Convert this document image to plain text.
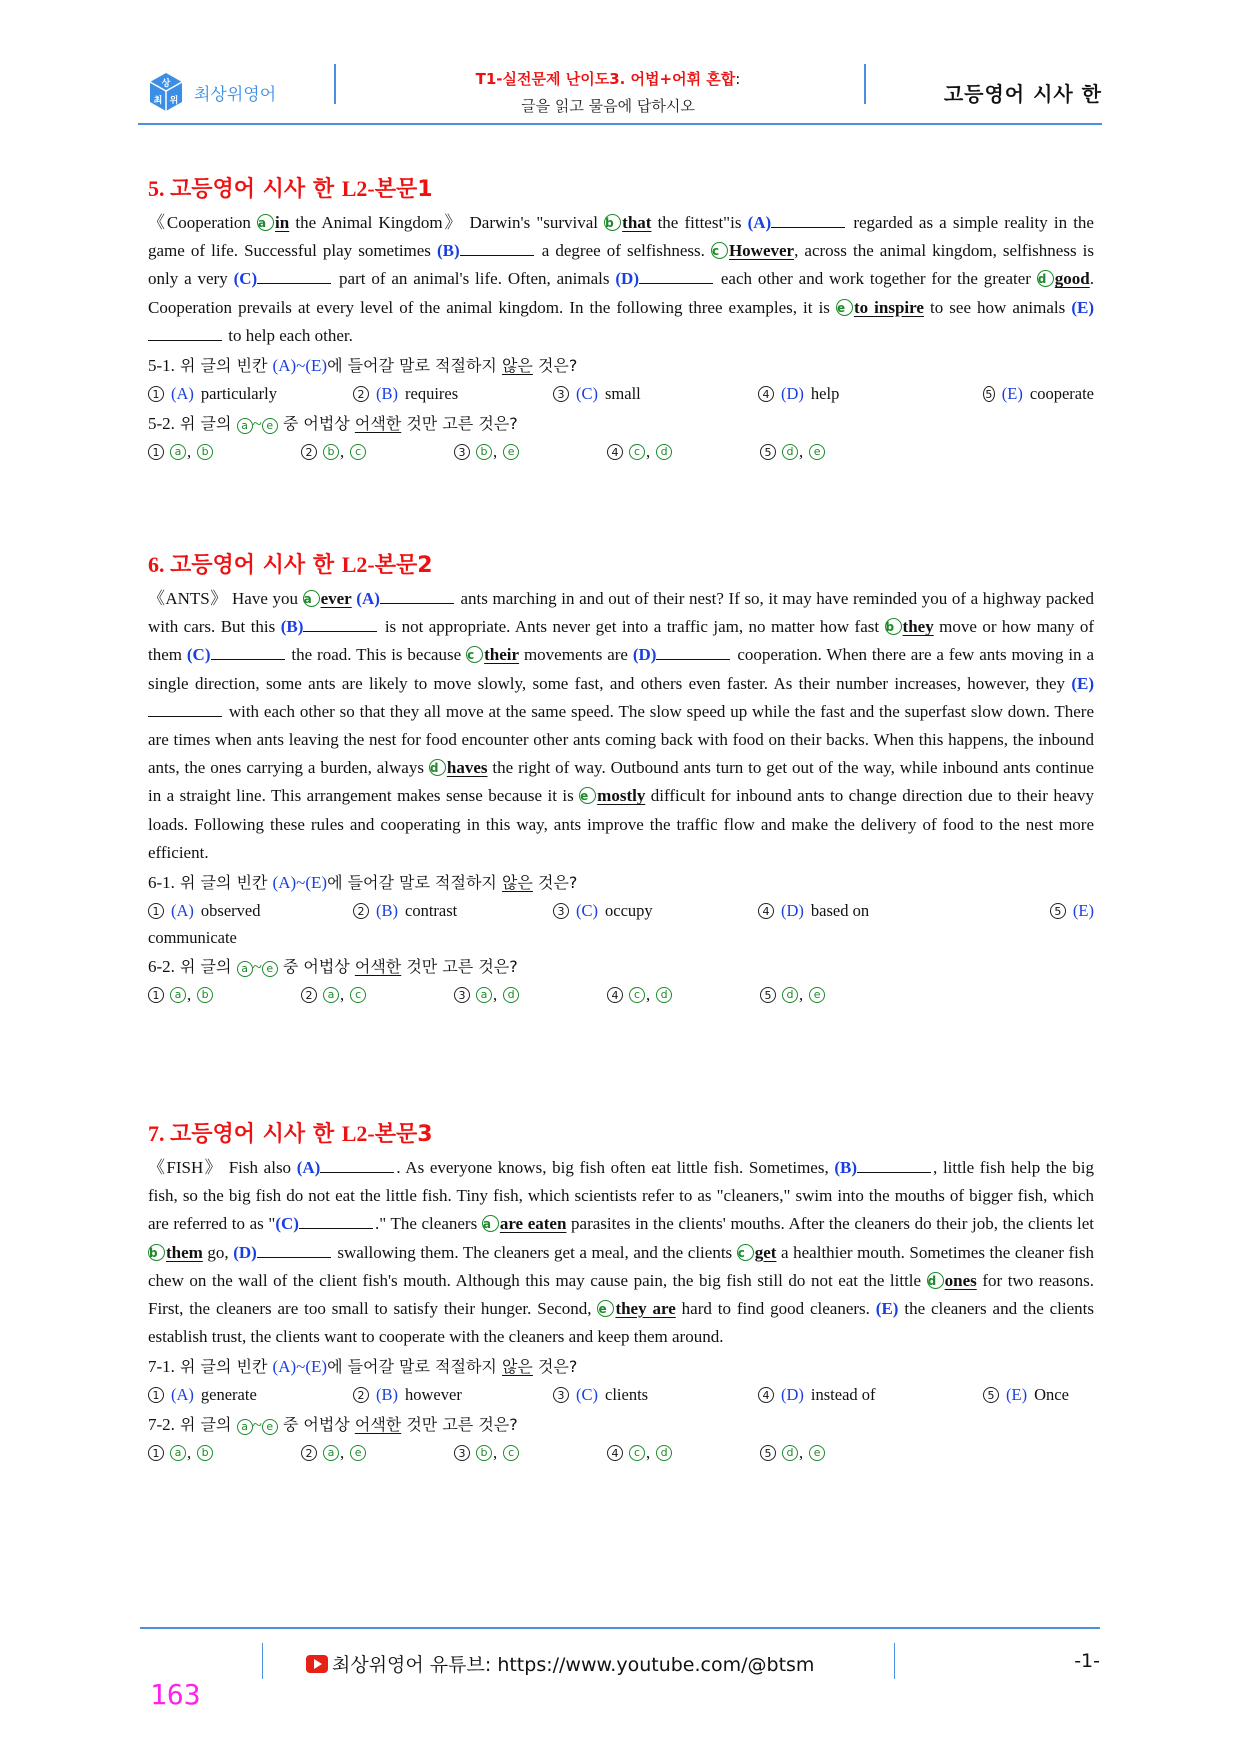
상
최 위 최상위영어
T1-실전문제 난이도3. 어법+어휘 혼합:
글을 읽고 물음에 답하시오	고등영어 시사 한
5. 고등영어 시사 한 L2-본문1

《Cooperation a in the Animal Kingdom》 Darwin's "survival b that the fittest"is (A)	regarded as a simple reality in the game of life. Successful play sometimes (B)	a degree of selfishness. c However, across the animal kingdom, selfishness is only a very (C)	part of an animal's life. Often, animals (D)	each other and work together for the greater d good. Cooperation prevails at every level of the animal kingdom. In the following three examples, it is e to inspire to see how animals (E) to help each other.

5-1. 위 글의 빈칸 (A)~(E)에 들어갈 말로 적절하지 않은 것은?
1 (A) particularly	2 (B) requires	3 (C) small	4 (D) help	5 (E) cooperate
5-2. 위 글의 a ~ e 중 어법상 어색한 것만 고른 것은?
1	a , b	2	b , c	3	b , e	4	c , d	5	d , e
6. 고등영어 시사 한 L2-본문2

《ANTS》 Have you a ever (A)	ants marching in and out of their nest? If so, it may have reminded you of a highway packed with cars. But this (B)	is not appropriate. Ants never get into a traffic jam, no matter how fast b they move or how many of them (C)	the road. This is because c their movements are (D)	cooperation. When there are a few ants moving in a single direction, some ants are likely to move slowly, some fast, and others even faster. As their number increases, however, they (E) with each other so that they all move at the same speed. The slow speed up while the fast and the superfast slow down. There are times when ants leaving the nest for food encounter other ants coming back with food on their backs. When this happens, the inbound ants, the ones carrying a burden, always d haves the right of way. Outbound ants turn to get out of the way, while inbound ants continue in a straight line. This arrangement makes sense because it is e mostly difficult for inbound ants to change direction due to their heavy loads. Following these rules and cooperating in this way, ants improve the traffic flow and make the delivery of food to the nest more efficient.

6-1. 위 글의 빈칸 (A)~(E)에 들어갈 말로 적절하지 않은 것은?
1 (A) observed	2 (B) contrast	3 (C) occupy	4 (D) based on	5 (E)
communicate
6-2. 위 글의 a ~ e 중 어법상 어색한 것만 고른 것은?
1	a , b	2	a , c	3	a , d	4	c , d	5	d , e
7. 고등영어 시사 한 L2-본문3

《FISH》 Fish also (A)	. As everyone knows, big fish often eat little fish. Sometimes, (B)	, little fish help the big fish, so the big fish do not eat the little fish. Tiny fish, which scientists refer to as "cleaners," swim into the mouths of bigger fish, which are referred to as "(C)	." The cleaners a are eaten parasites in the clients' mouths. After the cleaners do their job, the clients let b them go, (D)	swallowing them. The cleaners get a meal, and the clients c get a healthier mouth. Sometimes the cleaner fish chew on the wall of the client fish's mouth. Although this may cause pain, the big fish still do not eat the little d ones for two reasons. First, the cleaners are too small to satisfy their hunger. Second, e they are hard to find good cleaners. (E) the cleaners and the clients establish trust, the clients want to cooperate with the cleaners and keep them around.

7-1. 위 글의 빈칸 (A)~(E)에 들어갈 말로 적절하지 않은 것은?
1 (A) generate	2 (B) however	3 (C) clients	4 (D) instead of	5 (E) Once
7-2. 위 글의 a ~ e 중 어법상 어색한 것만 고른 것은?
1	a , b	2	a , e	3	b , c	4	c , d	5	d , e
최상위영어 유튜브: https://www.youtube.com/@btsm	-1-
163
